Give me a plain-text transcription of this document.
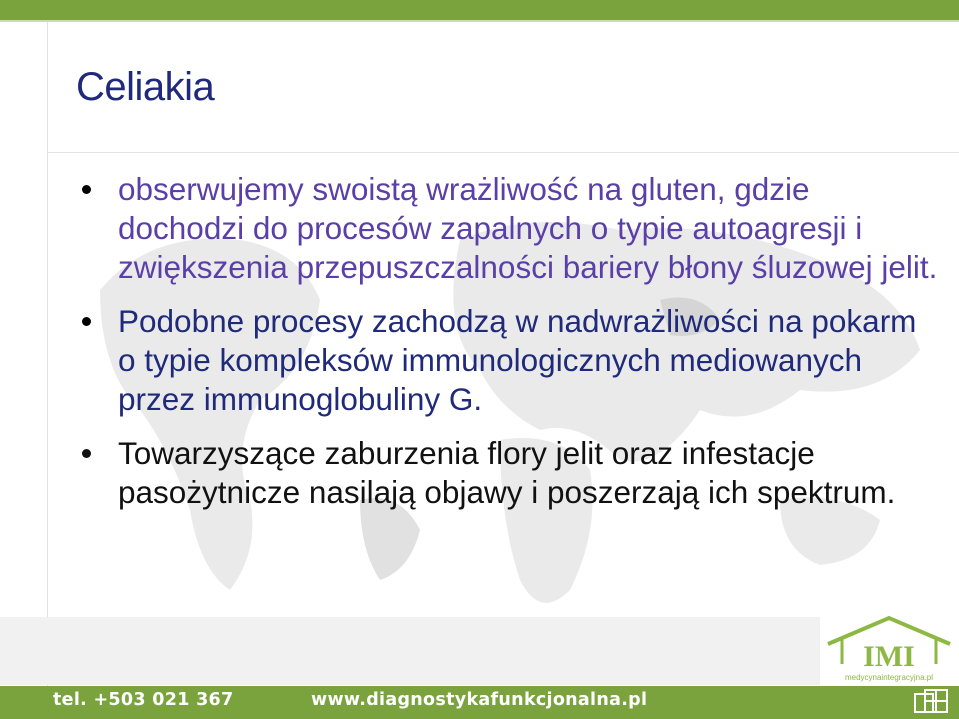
Celiakia
obserwujemy swoistą wrażliwość na gluten, gdzie dochodzi do procesów zapalnych o typie autoagresji i zwiększenia przepuszczalności bariery błony śluzowej jelit.
Podobne procesy zachodzą w nadwrażliwości na pokarm o typie kompleksów immunologicznych mediowanych przez immunoglobuliny G.
Towarzyszące zaburzenia flory jelit oraz infestacje pasożytnicze nasilają objawy i poszerzają ich spektrum.
IMI
medycynaintegracyjna.pl
tel. +503 021 367	www.diagnostykafunkcjonalna.pl
